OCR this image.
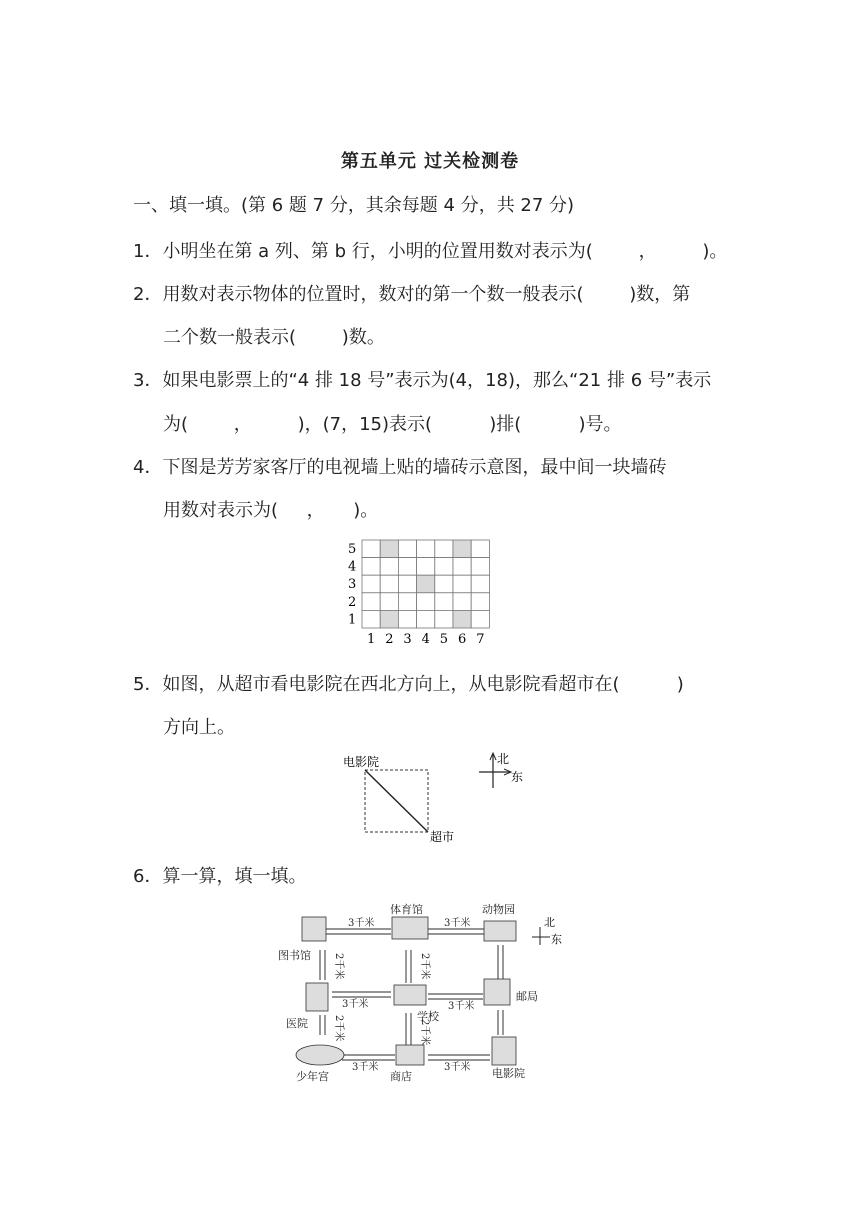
第五单元 过关检测卷
一、填一填。(第 6 题 7 分，其余每题 4 分，共 27 分)
1．小明坐在第 a 列、第 b 行，小明的位置用数对表示为(        ，        )。
2．用数对表示物体的位置时，数对的第一个数一般表示(        )数，第
二个数一般表示(        )数。
3．如果电影票上的“4 排 18 号”表示为(4，18)，那么“21 排 6 号”表示
为(        ，        )，(7，15)表示(          )排(          )号。
4．下图是芳芳家客厅的电视墙上贴的墙砖示意图，最中间一块墙砖
用数对表示为(     ，     )。
5
4
3
2
1
1 2 3 4 5 6 7
5．如图，从超市看电影院在西北方向上，从电影院看超市在(          )
方向上。
电影院
超市
北
东
6．算一算，填一填。
体育馆	动物园
图书馆
医院
学校
邮局
少年宫	商店	电影院
3千米	3千米
3千米	3千米
3千米	3千米
2千米	2千米
2千米	2千米
北
东
